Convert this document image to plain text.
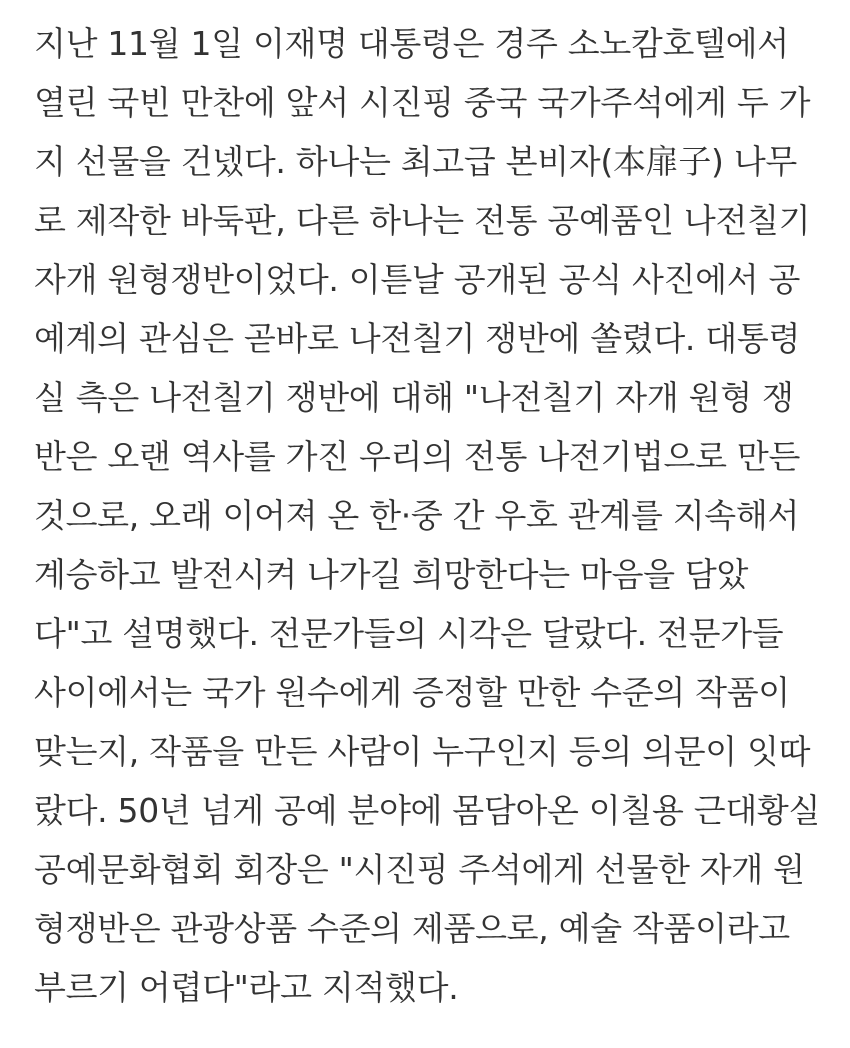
지난 11월 1일 이재명 대통령은 경주 소노캄호텔에서
열린 국빈 만찬에 앞서 시진핑 중국 국가주석에게 두 가
지 선물을 건넸다. 하나는 최고급 본비자(本扉子) 나무
로 제작한 바둑판, 다른 하나는 전통 공예품인 나전칠기
자개 원형쟁반이었다. 이튿날 공개된 공식 사진에서 공
예계의 관심은 곧바로 나전칠기 쟁반에 쏠렸다. 대통령
실 측은 나전칠기 쟁반에 대해 "나전칠기 자개 원형 쟁
반은 오랜 역사를 가진 우리의 전통 나전기법으로 만든
것으로, 오래 이어져 온 한·중 간 우호 관계를 지속해서
계승하고 발전시켜 나가길 희망한다는 마음을 담았
다"고 설명했다. 전문가들의 시각은 달랐다. 전문가들
사이에서는 국가 원수에게 증정할 만한 수준의 작품이
맞는지, 작품을 만든 사람이 누구인지 등의 의문이 잇따
랐다. 50년 넘게 공예 분야에 몸담아온 이칠용 근대황실
공예문화협회 회장은 "시진핑 주석에게 선물한 자개 원
형쟁반은 관광상품 수준의 제품으로, 예술 작품이라고
부르기 어렵다"라고 지적했다.
